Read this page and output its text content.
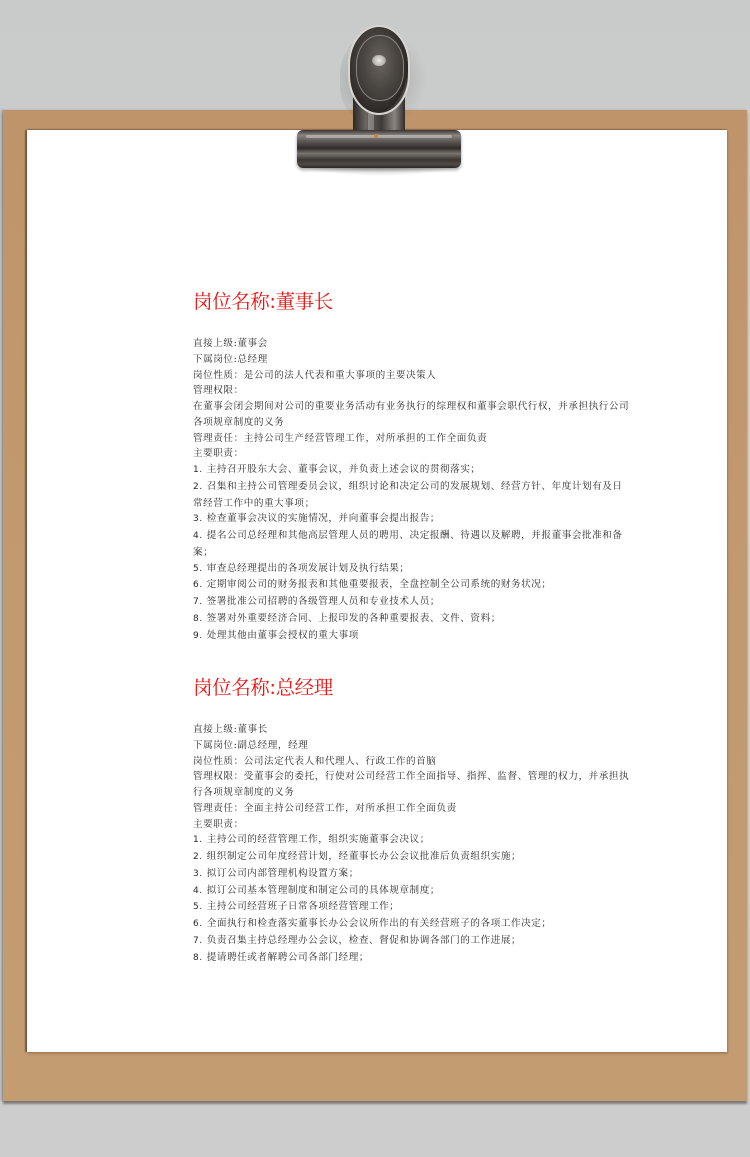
岗位名称:董事长
直接上级:董事会
下属岗位:总经理
岗位性质：是公司的法人代表和重大事项的主要决策人
管理权限：
在董事会闭会期间对公司的重要业务活动有业务执行的综理权和董事会职代行权，并承担执行公司
各项规章制度的义务
管理责任：主持公司生产经营管理工作，对所承担的工作全面负责
主要职责：
1. 主持召开股东大会、董事会议，并负责上述会议的贯彻落实；
2. 召集和主持公司管理委员会议，组织讨论和决定公司的发展规划、经营方针、年度计划有及日
常经营工作中的重大事项；
3. 检查董事会决议的实施情况，并向董事会提出报告；
4. 提名公司总经理和其他高层管理人员的聘用、决定报酬、待遇以及解聘，并报董事会批准和备
案；
5. 审查总经理提出的各项发展计划及执行结果；
6. 定期审阅公司的财务报表和其他重要报表，全盘控制全公司系统的财务状况；
7. 签署批准公司招聘的各级管理人员和专业技术人员；
8. 签署对外重要经济合同、上报印发的各种重要报表、文件、资料；
9. 处理其他由董事会授权的重大事项
岗位名称:总经理
直接上级:董事长
下属岗位:副总经理，经理
岗位性质：公司法定代表人和代理人、行政工作的首脑
管理权限：受董事会的委托，行使对公司经营工作全面指导、指挥、监督、管理的权力，并承担执
行各项规章制度的义务
管理责任：全面主持公司经营工作，对所承担工作全面负责
主要职责：
1. 主持公司的经营管理工作，组织实施董事会决议；
2. 组织制定公司年度经营计划，经董事长办公会议批准后负责组织实施；
3. 拟订公司内部管理机构设置方案；
4. 拟订公司基本管理制度和制定公司的具体规章制度；
5. 主持公司经营班子日常各项经营管理工作；
6. 全面执行和检查落实董事长办公会议所作出的有关经营班子的各项工作决定；
7. 负责召集主持总经理办公会议，检查、督促和协调各部门的工作进展；
8. 提请聘任或者解聘公司各部门经理；
